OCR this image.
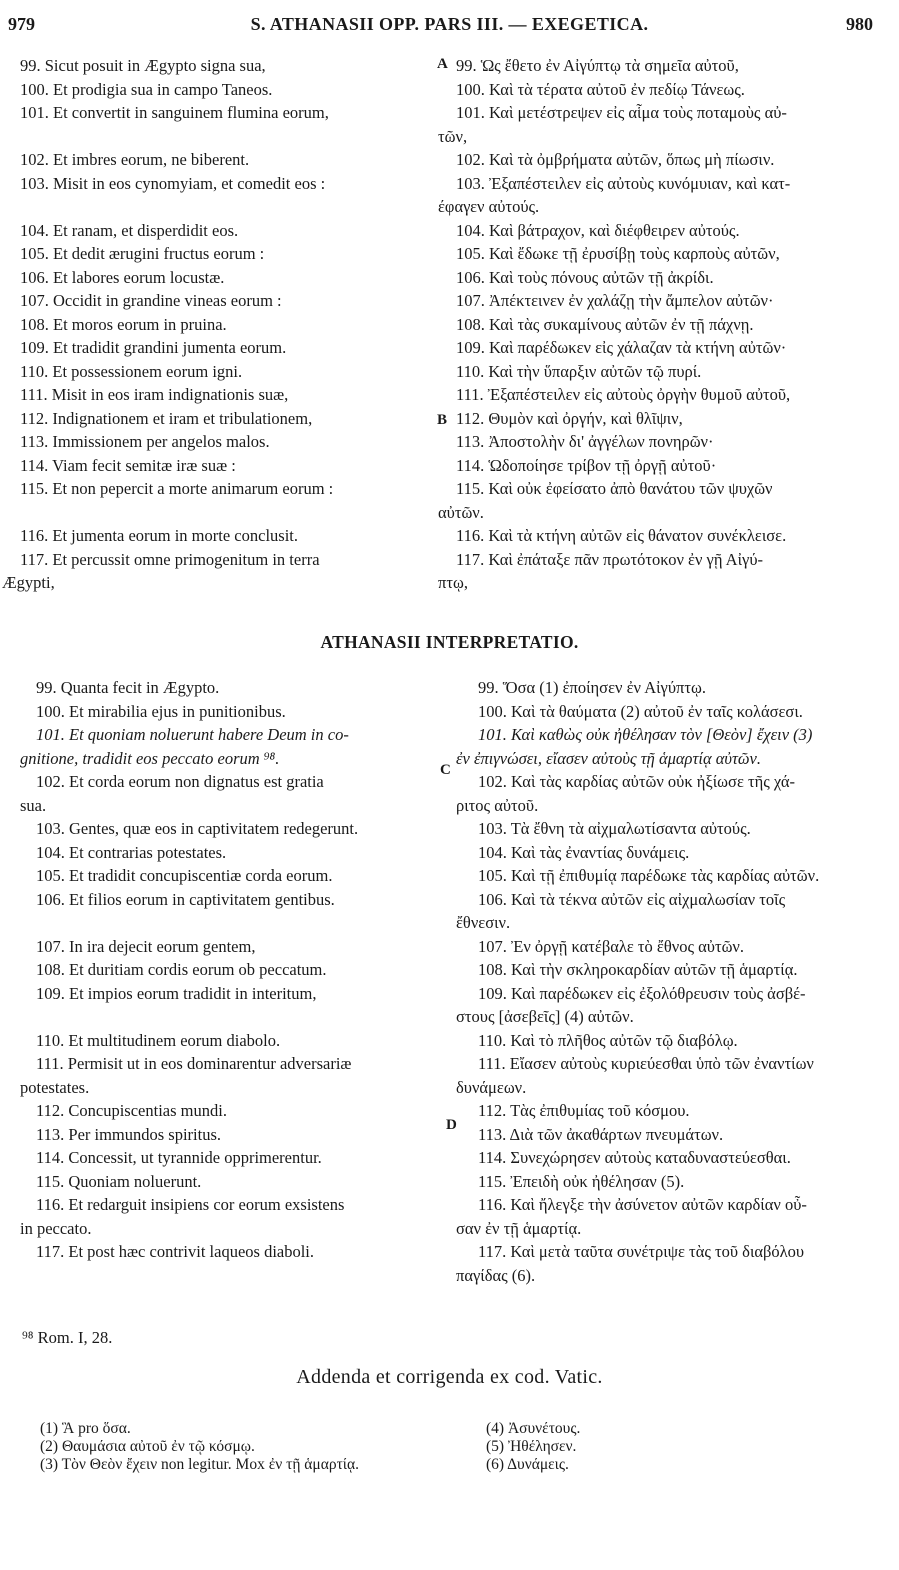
979	S. ATHANASII OPP. PARS III. — EXEGETICA.	980
A
B
C
D
99. Sicut posuit in Ægypto signa sua,
100. Et prodigia sua in campo Taneos.
101. Et convertit in sanguinem flumina eorum,
102. Et imbres eorum, ne biberent.
103. Misit in eos cynomyiam, et comedit eos :
104. Et ranam, et disperdidit eos.
105. Et dedit ærugini fructus eorum :
106. Et labores eorum locustæ.
107. Occidit in grandine vineas eorum :
108. Et moros eorum in pruina.
109. Et tradidit grandini jumenta eorum.
110. Et possessionem eorum igni.
111. Misit in eos iram indignationis suæ,
112. Indignationem et iram et tribulationem,
113. Immissionem per angelos malos.
114. Viam fecit semitæ iræ suæ :
115. Et non pepercit a morte animarum eorum :
116. Et jumenta eorum in morte conclusit.
117. Et percussit omne primogenitum in terra
Ægypti,
99. Ὡς ἔθετο ἐν Αἰγύπτῳ τὰ σημεῖα αὐτοῦ,
100. Καὶ τὰ τέρατα αὐτοῦ ἐν πεδίῳ Τάνεως.
101. Καὶ μετέστρεψεν εἰς αἷμα τοὺς ποταμοὺς αὐ-
τῶν,
102. Καὶ τὰ ὀμβρήματα αὐτῶν, ὅπως μὴ πίωσιν.
103. Ἐξαπέστειλεν εἰς αὐτοὺς κυνόμυιαν, καὶ κατ-
έφαγεν αὐτούς.
104. Καὶ βάτραχον, καὶ διέφθειρεν αὐτούς.
105. Καὶ ἔδωκε τῇ ἐρυσίβῃ τοὺς καρποὺς αὐτῶν,
106. Καὶ τοὺς πόνους αὐτῶν τῇ ἀκρίδι.
107. Ἀπέκτεινεν ἐν χαλάζῃ τὴν ἄμπελον αὐτῶν·
108. Καὶ τὰς συκαμίνους αὐτῶν ἐν τῇ πάχνῃ.
109. Καὶ παρέδωκεν εἰς χάλαζαν τὰ κτήνη αὐτῶν·
110. Καὶ τὴν ὕπαρξιν αὐτῶν τῷ πυρί.
111. Ἐξαπέστειλεν εἰς αὐτοὺς ὀργὴν θυμοῦ αὐτοῦ,
112. Θυμὸν καὶ ὀργήν, καὶ θλῖψιν,
113. Ἀποστολὴν δι' ἀγγέλων πονηρῶν·
114. Ὡδοποίησε τρίβον τῇ ὀργῇ αὐτοῦ·
115. Καὶ οὐκ ἐφείσατο ἀπὸ θανάτου τῶν ψυχῶν
αὐτῶν.
116. Καὶ τὰ κτήνη αὐτῶν εἰς θάνατον συνέκλεισε.
117. Καὶ ἐπάταξε πᾶν πρωτότοκον ἐν γῇ Αἰγύ-
πτῳ,
ATHANASII INTERPRETATIO.
99. Quanta fecit in Ægypto.
100. Et mirabilia ejus in punitionibus.
101. Et quoniam noluerunt habere Deum in co-
gnitione, tradidit eos peccato eorum ⁹⁸.
102. Et corda eorum non dignatus est gratia
sua.
103. Gentes, quæ eos in captivitatem redegerunt.
104. Et contrarias potestates.
105. Et tradidit concupiscentiæ corda eorum.
106. Et filios eorum in captivitatem gentibus.
107. In ira dejecit eorum gentem,
108. Et duritiam cordis eorum ob peccatum.
109. Et impios eorum tradidit in interitum,
110. Et multitudinem eorum diabolo.
111. Permisit ut in eos dominarentur adversariæ
potestates.
112. Concupiscentias mundi.
113. Per immundos spiritus.
114. Concessit, ut tyrannide opprimerentur.
115. Quoniam noluerunt.
116. Et redarguit insipiens cor eorum exsistens
in peccato.
117. Et post hæc contrivit laqueos diaboli.
99. Ὅσα (1) ἐποίησεν ἐν Αἰγύπτῳ.
100. Καὶ τὰ θαύματα (2) αὐτοῦ ἐν ταῖς κολάσεσι.
101. Καὶ καθὼς οὐκ ἠθέλησαν τὸν [Θεὸν] ἔχειν (3)
ἐν ἐπιγνώσει, εἴασεν αὐτοὺς τῇ ἁμαρτίᾳ αὐτῶν.
102. Καὶ τὰς καρδίας αὐτῶν οὐκ ἠξίωσε τῆς χά-
ριτος αὐτοῦ.
103. Τὰ ἔθνη τὰ αἰχμαλωτίσαντα αὐτούς.
104. Καὶ τὰς ἐναντίας δυνάμεις.
105. Καὶ τῇ ἐπιθυμίᾳ παρέδωκε τὰς καρδίας αὐτῶν.
106. Καὶ τὰ τέκνα αὐτῶν εἰς αἰχμαλωσίαν τοῖς
ἔθνεσιν.
107. Ἐν ὀργῇ κατέβαλε τὸ ἔθνος αὐτῶν.
108. Καὶ τὴν σκληροκαρδίαν αὐτῶν τῇ ἁμαρτίᾳ.
109. Καὶ παρέδωκεν εἰς ἐξολόθρευσιν τοὺς ἀσβέ-
στους [ἀσεβεῖς] (4) αὐτῶν.
110. Καὶ τὸ πλῆθος αὐτῶν τῷ διαβόλῳ.
111. Εἴασεν αὐτοὺς κυριεύεσθαι ὑπὸ τῶν ἐναντίων
δυνάμεων.
112. Τὰς ἐπιθυμίας τοῦ κόσμου.
113. Διὰ τῶν ἀκαθάρτων πνευμάτων.
114. Συνεχώρησεν αὐτοὺς καταδυναστεύεσθαι.
115. Ἐπειδὴ οὐκ ἠθέλησαν (5).
116. Καὶ ἤλεγξε τὴν ἀσύνετον αὐτῶν καρδίαν οὖ-
σαν ἐν τῇ ἁμαρτίᾳ.
117. Καὶ μετὰ ταῦτα συνέτριψε τὰς τοῦ διαβόλου
παγίδας (6).
⁹⁸ Rom. I, 28.
Addenda et corrigenda ex cod. Vatic.
(1) Ἃ pro ὅσα.
(2) Θαυμάσια αὐτοῦ ἐν τῷ κόσμῳ.
(3) Τὸν Θεὸν ἔχειν non legitur. Mox ἐν τῇ ἁμαρτίᾳ.
(4) Ἀσυνέτους.
(5) Ἠθέλησεν.
(6) Δυνάμεις.
